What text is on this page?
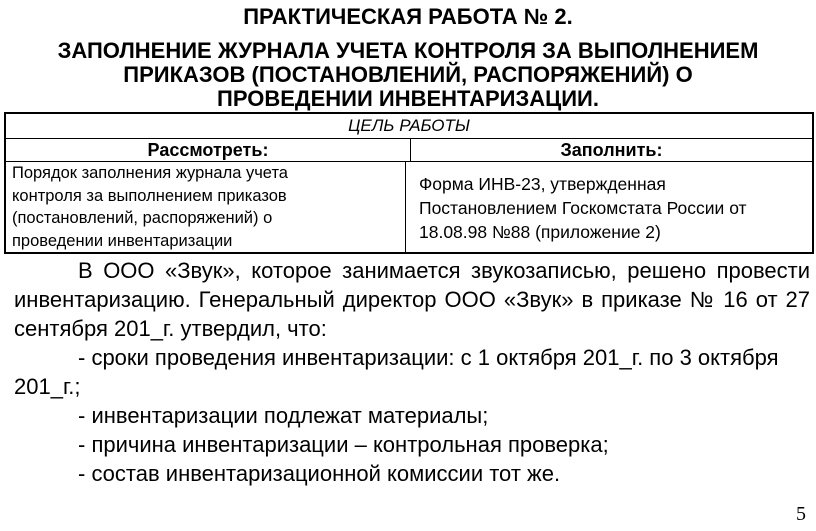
ПРАКТИЧЕСКАЯ РАБОТА № 2.
ЗАПОЛНЕНИЕ ЖУРНАЛА УЧЕТА КОНТРОЛЯ ЗА ВЫПОЛНЕНИЕМ
ПРИКАЗОВ (ПОСТАНОВЛЕНИЙ, РАСПОРЯЖЕНИЙ) О
ПРОВЕДЕНИИ ИНВЕНТАРИЗАЦИИ.
ЦЕЛЬ РАБОТЫ
Рассмотреть:	Заполнить:
Порядок заполнения журнала учета
контроля за выполнением приказов
(постановлений, распоряжений) о
проведении инвентаризации
Форма ИНВ-23, утвержденная
Постановлением Госкомстата России от
18.08.98 №88 (приложение 2)
В ООО «Звук», которое занимается звукозаписью, решено провести
инвентаризацию. Генеральный директор ООО «Звук» в приказе № 16 от 27
сентября 201_г. утвердил, что:
- сроки проведения инвентаризации: с 1 октября 201_г. по 3 октября
201_г.;
- инвентаризации подлежат материалы;
- причина инвентаризации – контрольная проверка;
- состав инвентаризационной комиссии тот же.
5
